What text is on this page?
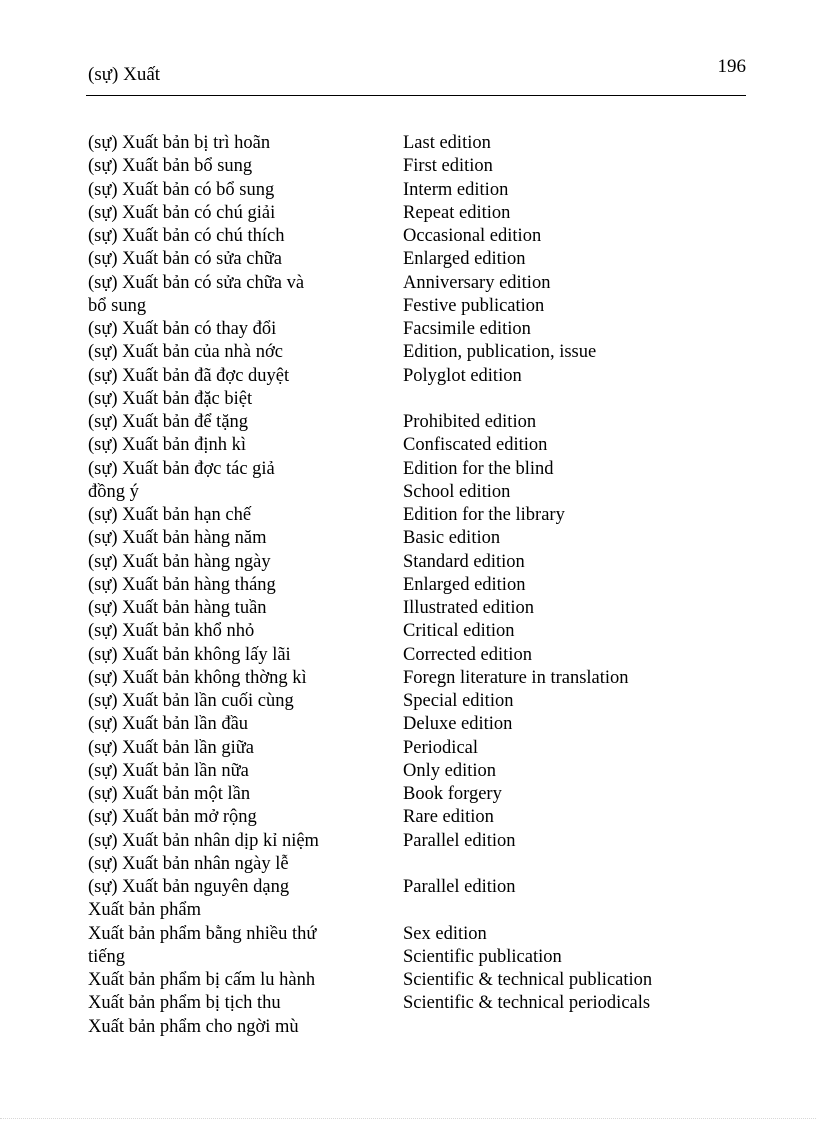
(sự) Xuất	196
(sự) Xuất bản bị trì hoãn
(sự) Xuất bản bổ sung
(sự) Xuất bản có bổ sung
(sự) Xuất bản có chú giải
(sự) Xuất bản có chú thích
(sự) Xuất bản có sửa chữa
(sự) Xuất bản có sửa chữa và
bổ sung
(sự) Xuất bản có thay đổi
(sự) Xuất bản của nhà nớc
(sự) Xuất bản đã đợc duyệt
(sự) Xuất bản đặc biệt
(sự) Xuất bản để tặng
(sự) Xuất bản định kì
(sự) Xuất bản đợc tác giả
đồng ý
(sự) Xuất bản hạn chế
(sự) Xuất bản hàng năm
(sự) Xuất bản hàng ngày
(sự) Xuất bản hàng tháng
(sự) Xuất bản hàng tuần
(sự) Xuất bản khổ nhỏ
(sự) Xuất bản không lấy lãi
(sự) Xuất bản không thờng kì
(sự) Xuất bản lần cuối cùng
(sự) Xuất bản lần đầu
(sự) Xuất bản lần giữa
(sự) Xuất bản lần nữa
(sự) Xuất bản một lần
(sự) Xuất bản mở rộng
(sự) Xuất bản nhân dịp kỉ niệm
(sự) Xuất bản nhân ngày lễ
(sự) Xuất bản nguyên dạng
Xuất bản phẩm
Xuất bản phẩm bằng nhiều thứ
tiếng
Xuất bản phẩm bị cấm lu hành
Xuất bản phẩm bị tịch thu
Xuất bản phẩm cho ngời mù
Last edition
First edition
Interm edition
Repeat edition
Occasional edition
Enlarged edition
Anniversary edition
Festive publication
Facsimile edition
Edition, publication, issue
Polyglot edition
Prohibited edition
Confiscated edition
Edition for the blind
School edition
Edition for the library
Basic edition
Standard edition
Enlarged edition
Illustrated edition
Critical edition
Corrected edition
Foregn literature in translation
Special edition
Deluxe edition
Periodical
Only edition
Book forgery
Rare edition
Parallel edition
Parallel edition
Sex edition
Scientific publication
Scientific & technical publication
Scientific & technical periodicals
